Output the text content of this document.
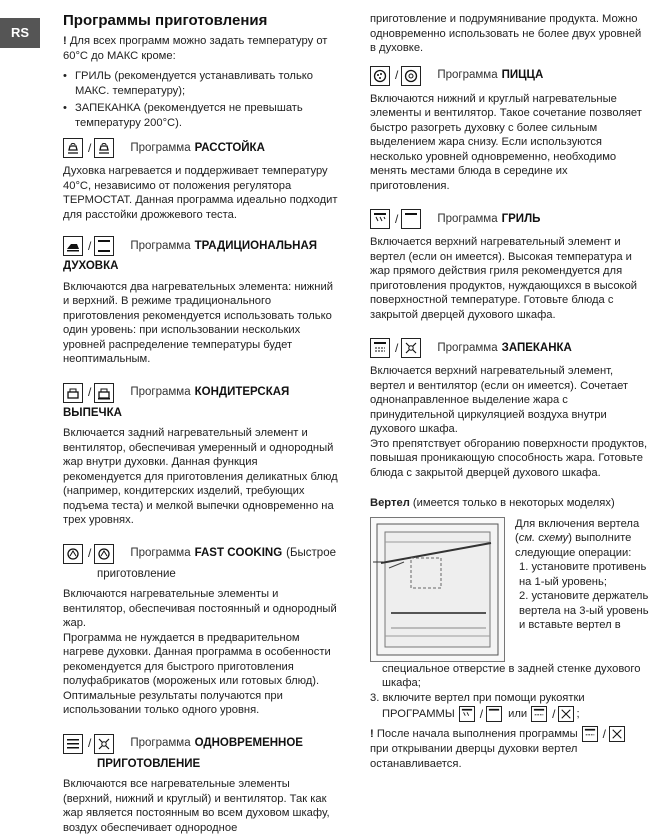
RS
Программы приготовления

! Для всех программ можно задать температуру от 60°С до МАКС кроме:

• ГРИЛЬ (рекомендуется устанавливать только МАКС. температуру);
• ЗАПЕКАНКА (рекомендуется не превышать температуру 200°С).
/	Программа РАССТОЙКА

Духовка нагревается и поддерживает температуру 40°С, независимо от положения регулятора ТЕРМОСТАТ. Данная программа идеально подходит для расстойки дрожжевого теста.

/	Программа ТРАДИЦИОНАЛЬНАЯ
ДУХОВКА

Включаются два нагревательных элемента: нижний и верхний. В режиме традиционального приготовления рекомендуется использовать только один уровень: при использовании нескольких уровней распределение температуры будет неоптимальным.

/	Программа КОНДИТЕРСКАЯ
ВЫПЕЧКА

Включается задний нагревательный элемент и вентилятор, обеспечивая умеренный и однородный жар внутри духовки. Данная функция рекомендуется для приготовления деликатных блюд (например, кондитерских изделий, требующих подъема теста) и мелкой выпечки одновременно на трех уровнях.

/	Программа FAST COOKING (Быстрое
приготовление

Включаются нагревательные элементы и вентилятор, обеспечивая постоянный и однородный жар.
Программа не нуждается в предварительном нагреве духовки. Данная программа в особенности рекомендуется для быстрого приготовления полуфабрикатов (мороженых или готовых блюд). Оптимальные результаты получаются при использовании только одного уровня.

/	Программа ОДНОВРЕМЕННОЕ
ПРИГОТОВЛЕНИЕ

Включаются все нагревательные элементы (верхний, нижний и круглый) и вентилятор. Так как жар является постоянным во всем духовом шкафу, воздух обеспечивает однородное

приготовление и подрумянивание продукта. Можно одновременно использовать не более двух уровней в духовке.

/	Программа ПИЦЦА

Включаются нижний и круглый нагревательные элементы и вентилятор. Такое сочетание позволяет быстро разогреть духовку с более сильным выделением жара снизу. Если используются несколько уровней одновременно, необходимо менять местами блюда в середине их приготовления.

/	Программа ГРИЛЬ

Включается верхний нагревательный элемент и вертел (если он имеется). Высокая температура и жар прямого действия гриля рекомендуется для приготовления продуктов, нуждающихся в высокой поверхностной температуре. Готовьте блюда с закрытой дверцей духового шкафа.

/	Программа ЗАПЕКАНКА

Включается верхний нагревательный элемент, вертел и вентилятор (если он имеется). Сочетает однонаправленное выделение жара с принудительной циркуляцией воздуха внутри духового шкафа.
Это препятствует обгоранию поверхности продуктов, повышая проникающую способность жара. Готовьте блюда с закрытой дверцей духового шкафа.

Вертел (имеется только в некоторых моделях)

Для включения вертела (см. схему) выполните следующие операции:

1. установите противень на 1-ый уровень;

2. установите держатель вертела на 3-ый уровень и вставьте вертел в

специальное отверстие в задней стенке духового шкафа;

3. включите вертел при помощи рукоятки

ПРОГРАММЫ / или / ;
!
После начала выполнения программы /

при открывании дверцы духовки вертел останавливается.
